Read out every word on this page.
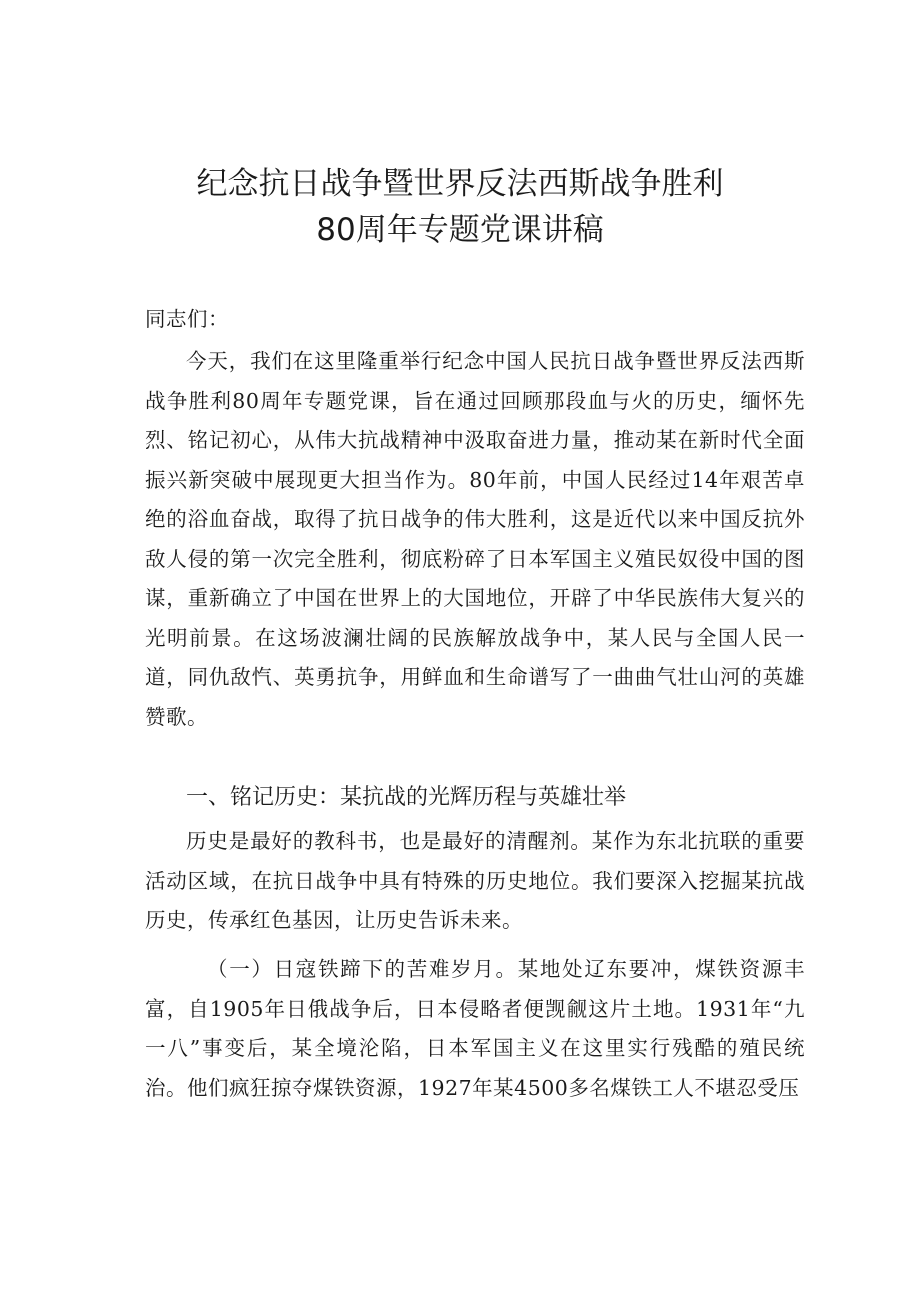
纪念抗日战争暨世界反法西斯战争胜利
80周年专题党课讲稿
同志们：
今天，我们在这里隆重举行纪念中国人民抗日战争暨世界反法西斯战争胜利80周年专题党课，旨在通过回顾那段血与火的历史，缅怀先烈、铭记初心，从伟大抗战精神中汲取奋进力量，推动某在新时代全面振兴新突破中展现更大担当作为。80年前，中国人民经过14年艰苦卓绝的浴血奋战，取得了抗日战争的伟大胜利，这是近代以来中国反抗外敌人侵的第一次完全胜利，彻底粉碎了日本军国主义殖民奴役中国的图谋，重新确立了中国在世界上的大国地位，开辟了中华民族伟大复兴的光明前景。在这场波澜壮阔的民族解放战争中，某人民与全国人民一道，同仇敌忾、英勇抗争，用鲜血和生命谱写了一曲曲气壮山河的英雄赞歌。
一、铭记历史：某抗战的光辉历程与英雄壮举
历史是最好的教科书，也是最好的清醒剂。某作为东北抗联的重要活动区域，在抗日战争中具有特殊的历史地位。我们要深入挖掘某抗战历史，传承红色基因，让历史告诉未来。
（一）日寇铁蹄下的苦难岁月。某地处辽东要冲，煤铁资源丰富，自1905年日俄战争后，日本侵略者便觊觎这片土地。1931年“九一八”事变后，某全境沦陷，日本军国主义在这里实行残酷的殖民统治。他们疯狂掠夺煤铁资源，1927年某4500多名煤铁工人不堪忍受压
